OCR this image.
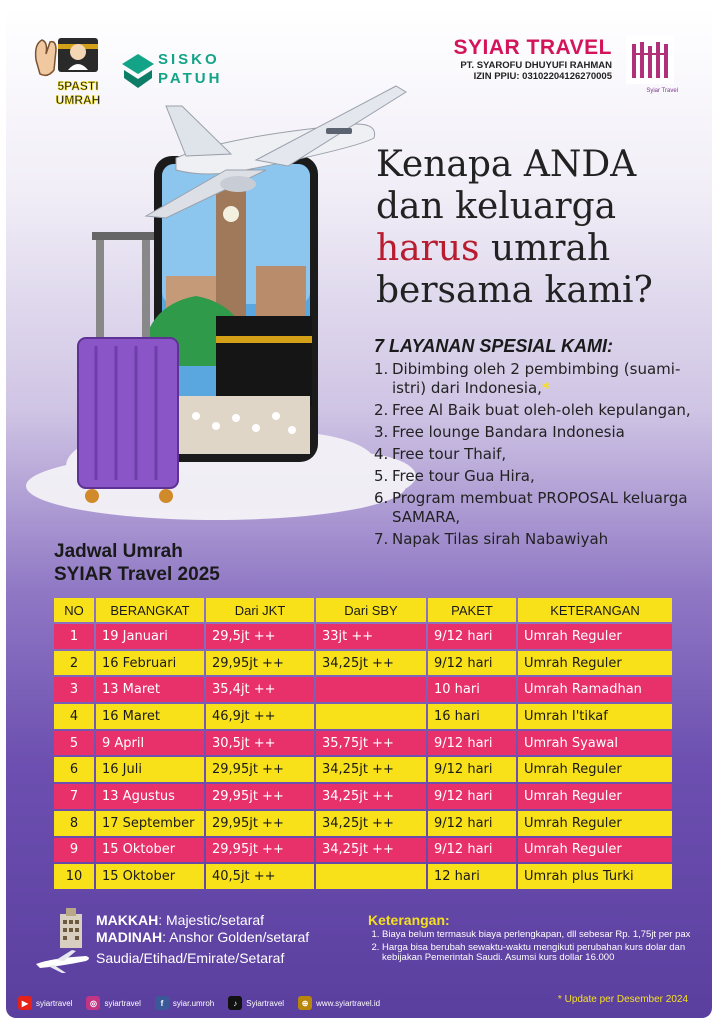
5PASTI
UMRAH
SISKO
PATUH
SYIAR TRAVEL
PT. SYAROFU DHUYUFI RAHMAN
IZIN PPIU: 03102204126270005
Syiar Travel
Kenapa ANDA
dan keluarga
harus umrah
bersama kami?
7 LAYANAN SPESIAL KAMI:
1. Dibimbing oleh 2 pembimbing (suami-istri) dari Indonesia,*
2. Free Al Baik buat oleh-oleh kepulangan,
3. Free lounge Bandara Indonesia
4. Free tour Thaif,
5. Free tour Gua Hira,
6. Program membuat PROPOSAL keluarga SAMARA,
7. Napak Tilas sirah Nabawiyah
Jadwal Umrah
SYIAR Travel 2025
NO	BERANGKAT	Dari JKT	Dari SBY	PAKET	KETERANGAN
1	19 Januari	29,5jt ++	33jt ++	9/12 hari	Umrah Reguler
2	16 Februari	29,95jt ++	34,25jt ++	9/12 hari	Umrah Reguler
3	13 Maret	35,4jt ++		10 hari	Umrah Ramadhan
4	16 Maret	46,9jt ++		16 hari	Umrah I'tikaf
5	9 April	30,5jt ++	35,75jt ++	9/12 hari	Umrah Syawal
6	16 Juli	29,95jt ++	34,25jt ++	9/12 hari	Umrah Reguler
7	13 Agustus	29,95jt ++	34,25jt ++	9/12 hari	Umrah Reguler
8	17 September	29,95jt ++	34,25jt ++	9/12 hari	Umrah Reguler
9	15 Oktober	29,95jt ++	34,25jt ++	9/12 hari	Umrah Reguler
10	15 Oktober	40,5jt ++		12 hari	Umrah plus Turki
MAKKAH: Majestic/setaraf
MADINAH: Anshor Golden/setaraf
Saudia/Etihad/Emirate/Setaraf
Keterangan:
1. Biaya belum termasuk biaya perlengkapan, dll sebesar Rp. 1,75jt per pax
2. Harga bisa berubah sewaktu-waktu mengikuti perubahan kurs dolar dan kebijakan Pemerintah Saudi. Asumsi kurs dollar 16.000
* Update per Desember 2024
▶ syiartravel	◎ syiartravel	f	syiar.umroh	♪	Syiartravel	⊕ www.syiartravel.id
